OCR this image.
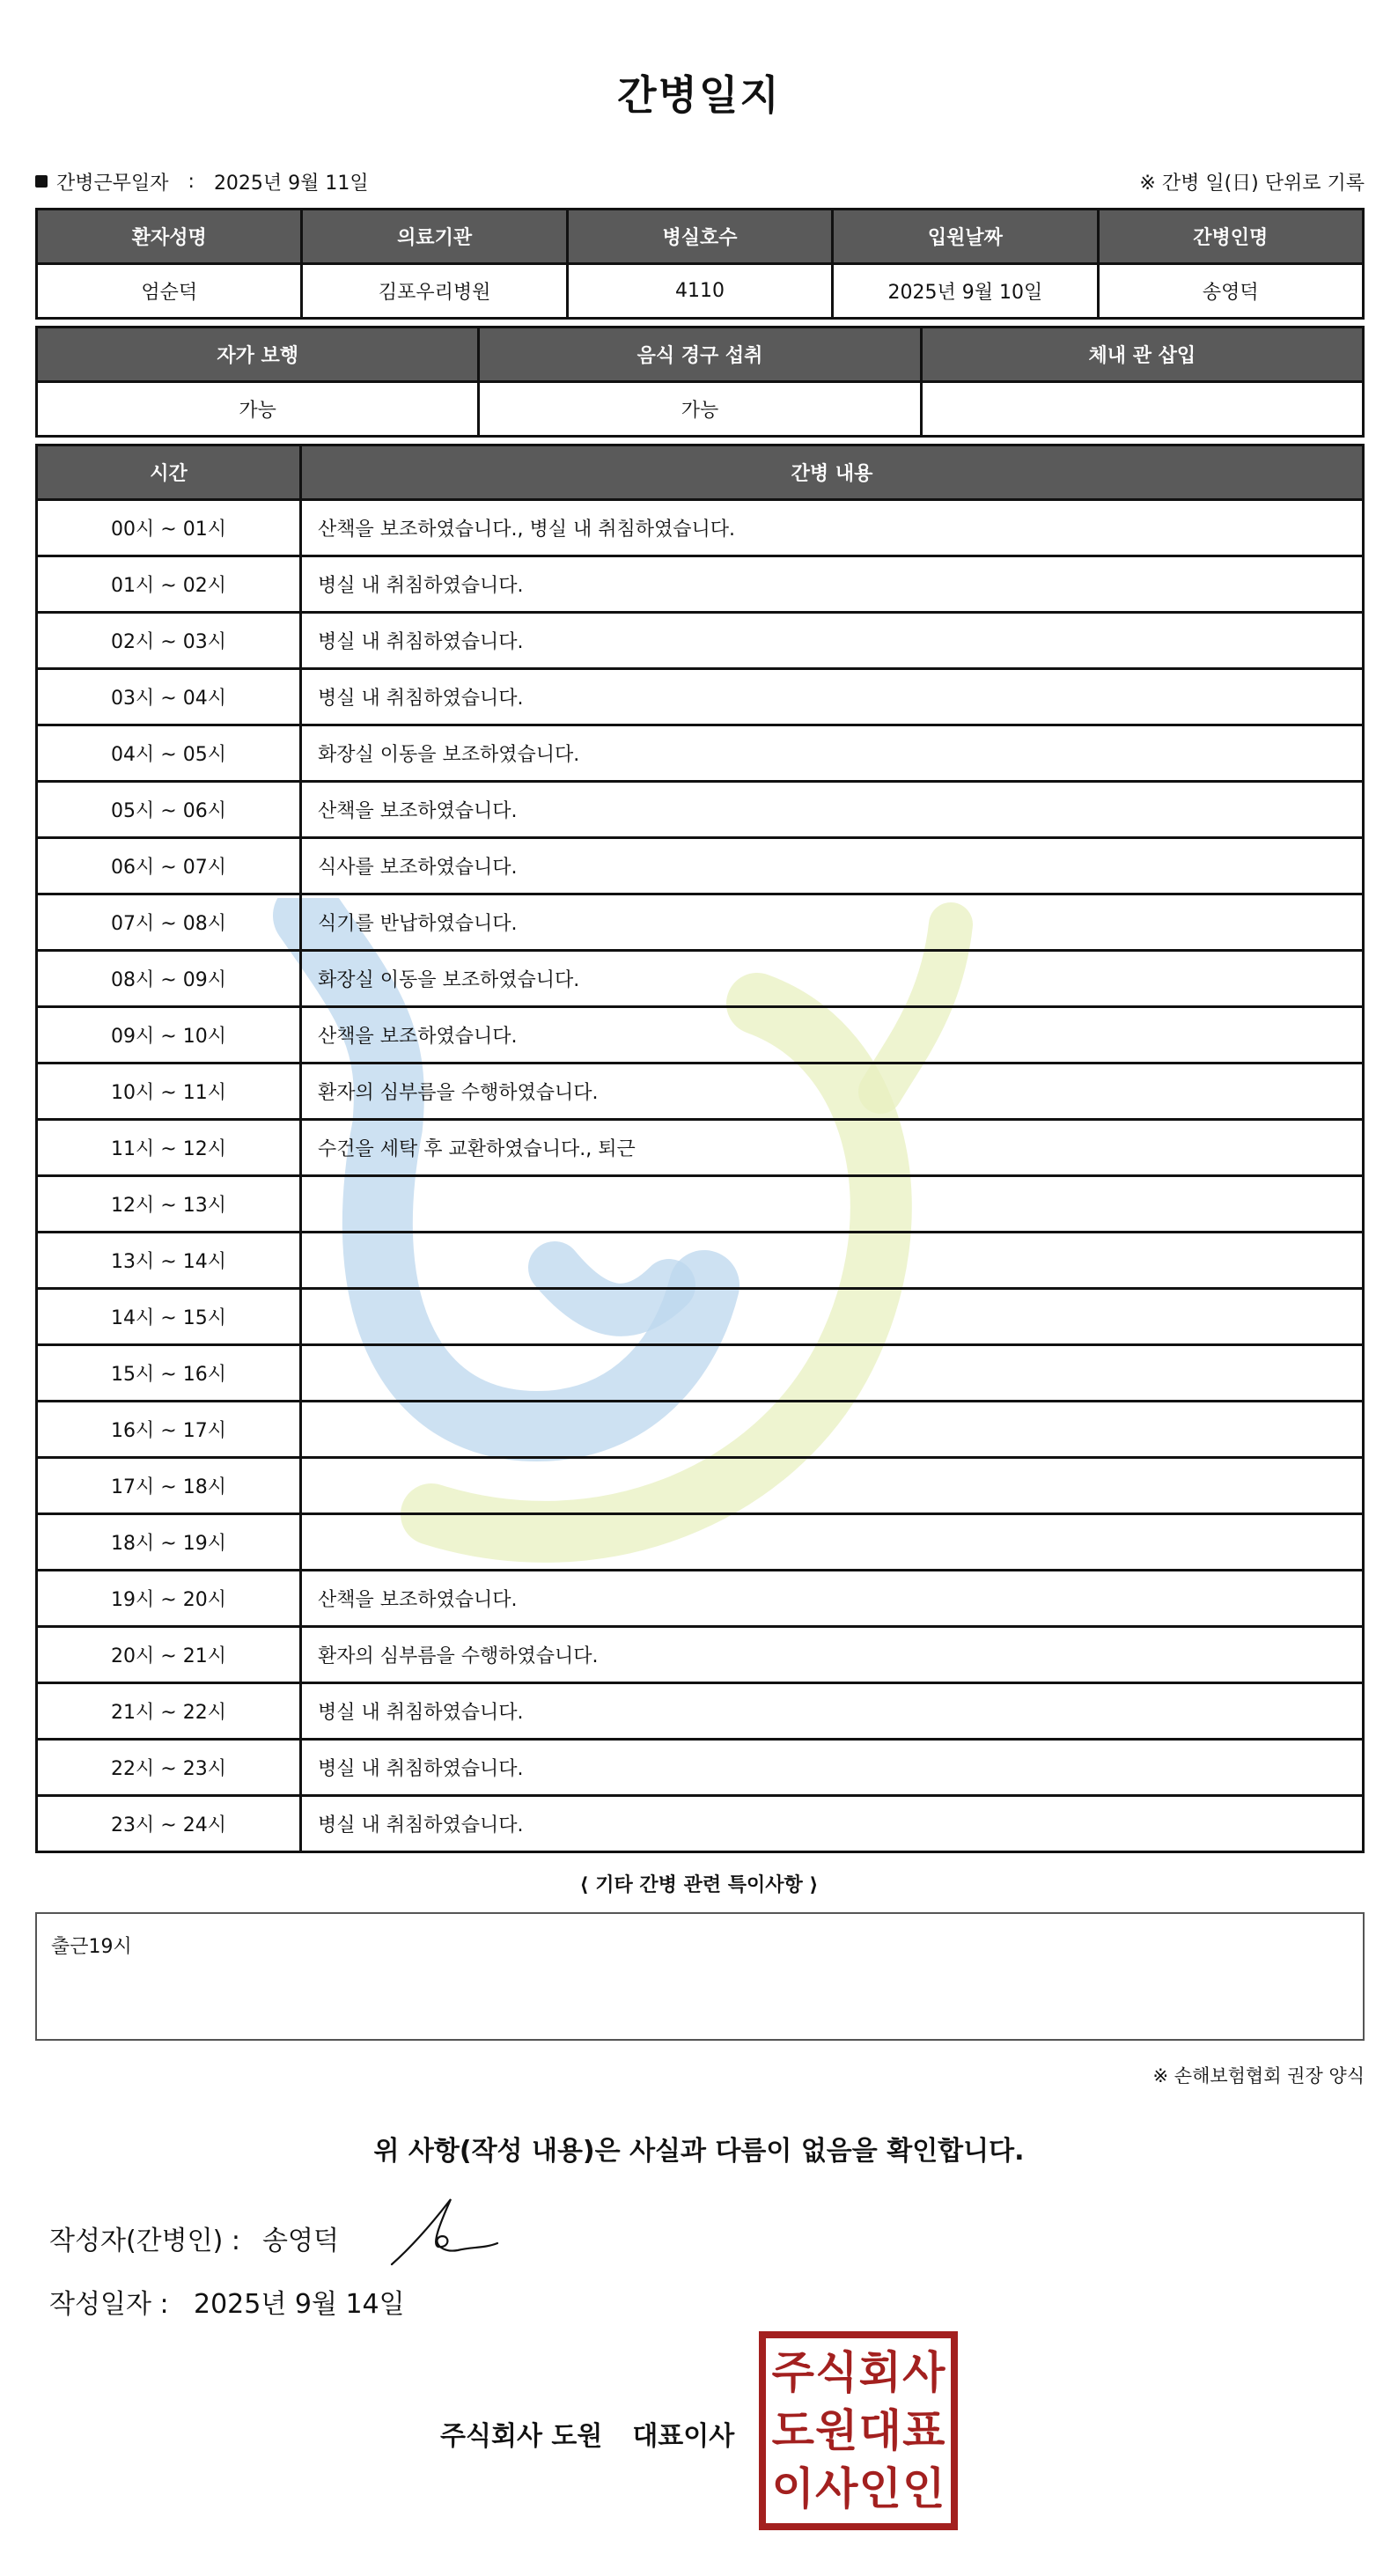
간병일지
간병근무일자 : 2025년 9월 11일	※ 간병 일(日) 단위로 기록
환자성명	의료기관	병실호수	입원날짜	간병인명
엄순덕	김포우리병원	4110	2025년 9월 10일	송영덕
자가 보행	음식 경구 섭취	체내 관 삽입
가능	가능	
시간	간병 내용
00시 ~ 01시	산책을 보조하였습니다., 병실 내 취침하였습니다.
01시 ~ 02시	병실 내 취침하였습니다.
02시 ~ 03시	병실 내 취침하였습니다.
03시 ~ 04시	병실 내 취침하였습니다.
04시 ~ 05시	화장실 이동을 보조하였습니다.
05시 ~ 06시	산책을 보조하였습니다.
06시 ~ 07시	식사를 보조하였습니다.
07시 ~ 08시	식기를 반납하였습니다.
08시 ~ 09시	화장실 이동을 보조하였습니다.
09시 ~ 10시	산책을 보조하였습니다.
10시 ~ 11시	환자의 심부름을 수행하였습니다.
11시 ~ 12시	수건을 세탁 후 교환하였습니다., 퇴근
12시 ~ 13시	
13시 ~ 14시	
14시 ~ 15시	
15시 ~ 16시	
16시 ~ 17시	
17시 ~ 18시	
18시 ~ 19시	
19시 ~ 20시	산책을 보조하였습니다.
20시 ~ 21시	환자의 심부름을 수행하였습니다.
21시 ~ 22시	병실 내 취침하였습니다.
22시 ~ 23시	병실 내 취침하였습니다.
23시 ~ 24시	병실 내 취침하였습니다.
⟨ 기타 간병 관련 특이사항 ⟩
출근19시
※ 손해보험협회 권장 양식
위 사항(작성 내용)은 사실과 다름이 없음을 확인합니다.
작성자(간병인) : 송영덕
작성일자 : 2025년 9월 14일
주식회사 도원 대표이사
주 식 회 사
도 원 대 표
이 사 인 인
